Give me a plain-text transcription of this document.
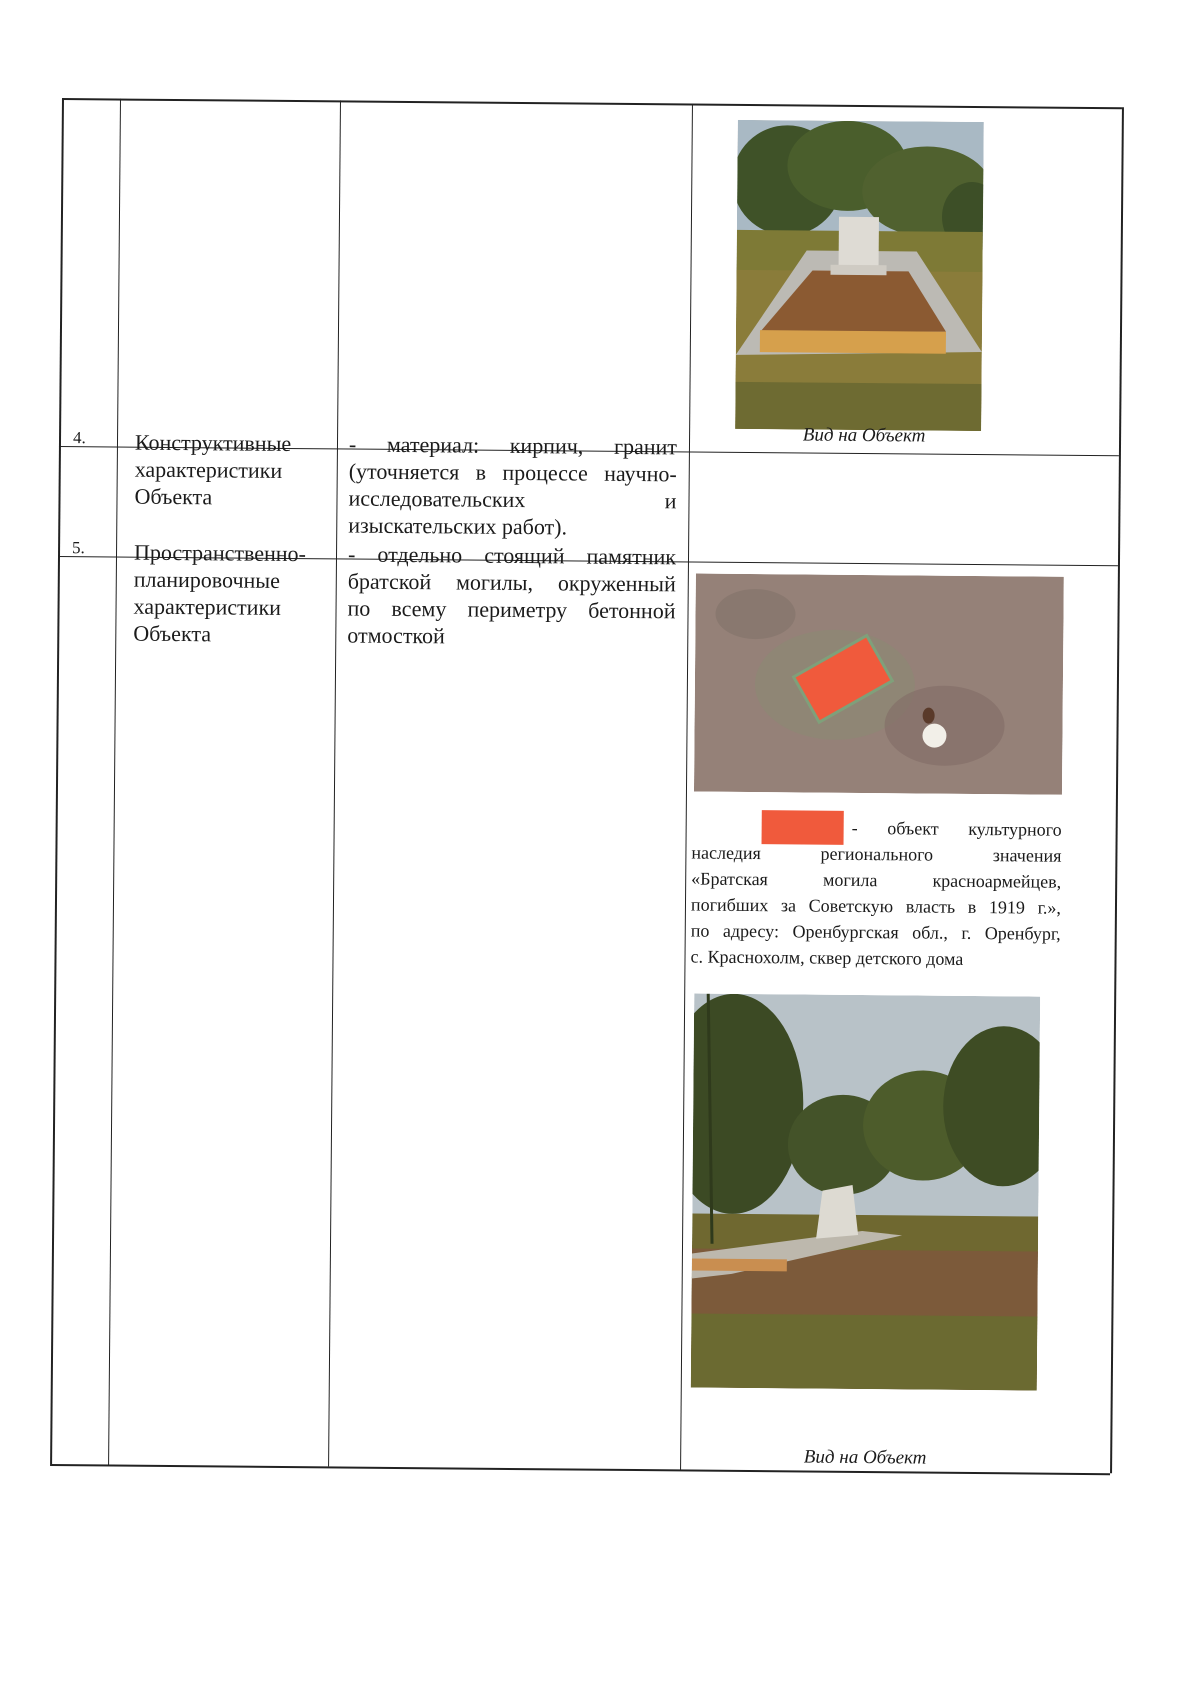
Вид на Объект
4. Конструктивные
характеристики
Объекта
- материал: кирпич, гранит
(уточняется в процессе научно-
исследовательских и
изыскательских работ).
5. Пространственно-
планировочные
характеристики
Объекта
- отдельно стоящий памятник
братской могилы, окруженный
по всему периметру бетонной
отмосткой
- объект культурного
наследия регионального значения
«Братская могила красноармейцев,
погибших за Советскую власть в 1919 г.»,
по адресу: Оренбургская обл., г. Оренбург,
с. Краснохолм, сквер детского дома
Вид на Объект
